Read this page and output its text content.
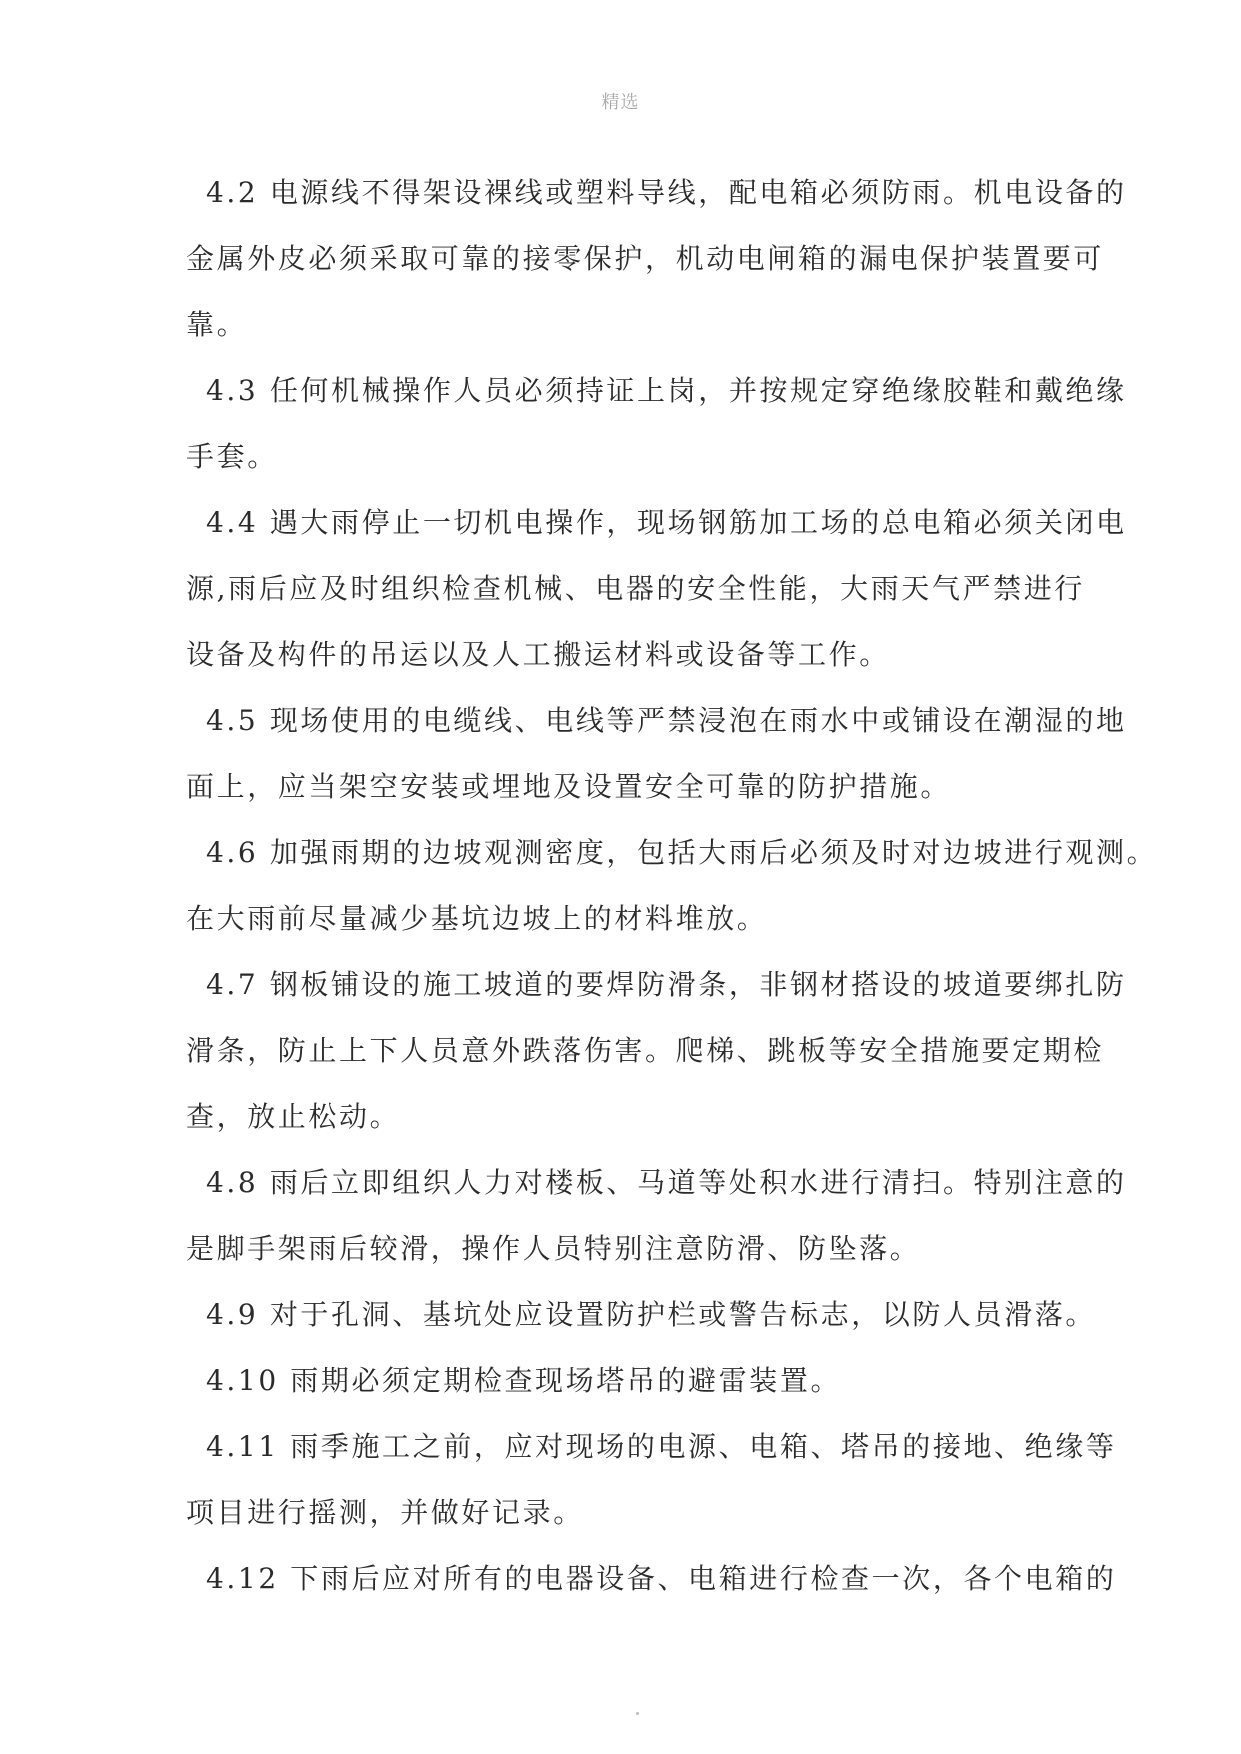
精选
4.2 电源线不得架设裸线或塑料导线，配电箱必须防雨。机电设备的
金属外皮必须采取可靠的接零保护，机动电闸箱的漏电保护装置要可
靠。
4.3 任何机械操作人员必须持证上岗，并按规定穿绝缘胶鞋和戴绝缘
手套。
4.4 遇大雨停止一切机电操作，现场钢筋加工场的总电箱必须关闭电
源,雨后应及时组织检查机械、电器的安全性能，大雨天气严禁进行
设备及构件的吊运以及人工搬运材料或设备等工作。
4.5 现场使用的电缆线、电线等严禁浸泡在雨水中或铺设在潮湿的地
面上，应当架空安装或埋地及设置安全可靠的防护措施。
4.6 加强雨期的边坡观测密度，包括大雨后必须及时对边坡进行观测。
在大雨前尽量减少基坑边坡上的材料堆放。
4.7 钢板铺设的施工坡道的要焊防滑条，非钢材搭设的坡道要绑扎防
滑条，防止上下人员意外跌落伤害。爬梯、跳板等安全措施要定期检
查，放止松动。
4.8 雨后立即组织人力对楼板、马道等处积水进行清扫。特别注意的
是脚手架雨后较滑，操作人员特别注意防滑、防坠落。
4.9 对于孔洞、基坑处应设置防护栏或警告标志，以防人员滑落。
4.10 雨期必须定期检查现场塔吊的避雷装置。
4.11 雨季施工之前，应对现场的电源、电箱、塔吊的接地、绝缘等
项目进行摇测，并做好记录。
4.12 下雨后应对所有的电器设备、电箱进行检查一次，各个电箱的
